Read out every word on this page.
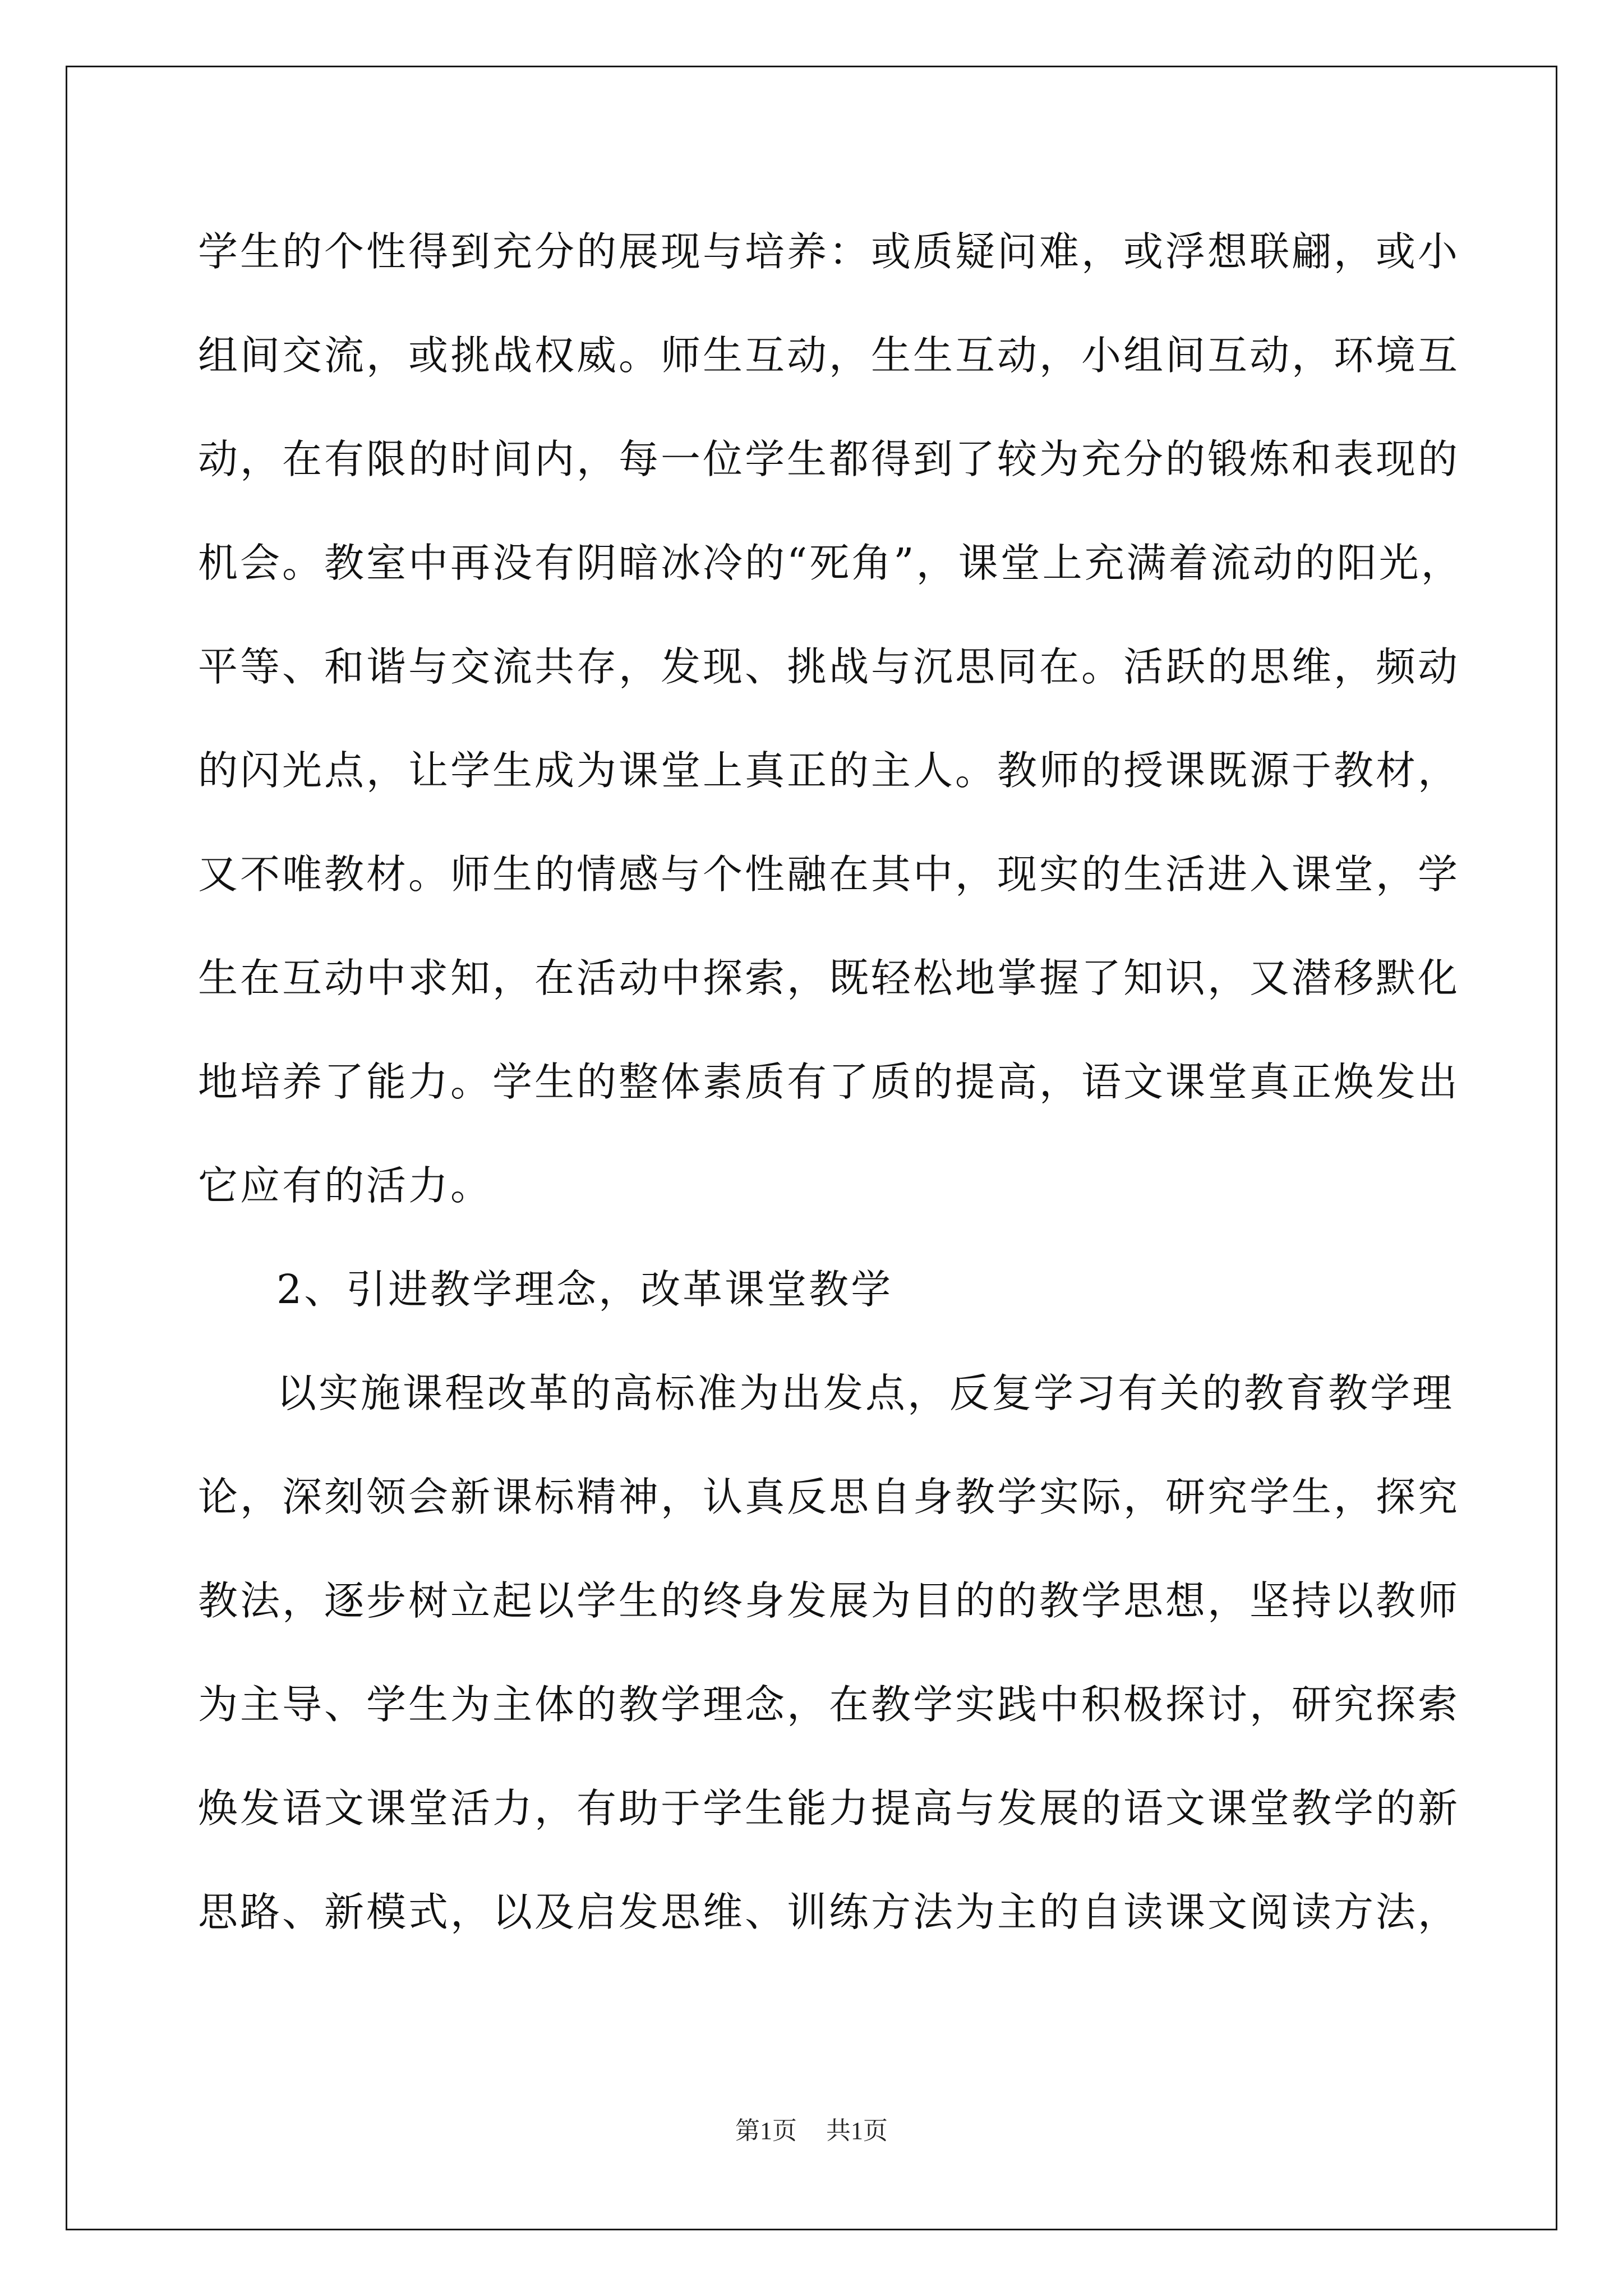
学生的个性得到充分的展现与培养：或质疑问难，或浮想联翩，或小
组间交流，或挑战权威。师生互动，生生互动，小组间互动，环境互
动，在有限的时间内，每一位学生都得到了较为充分的锻炼和表现的
机会。教室中再没有阴暗冰冷的“死角”，课堂上充满着流动的阳光，
平等、和谐与交流共存，发现、挑战与沉思同在。活跃的思维，频动
的闪光点，让学生成为课堂上真正的主人。教师的授课既源于教材，
又不唯教材。师生的情感与个性融在其中，现实的生活进入课堂，学
生在互动中求知，在活动中探索，既轻松地掌握了知识，又潜移默化
地培养了能力。学生的整体素质有了质的提高，语文课堂真正焕发出
它应有的活力。
2、引进教学理念，改革课堂教学
以实施课程改革的高标准为出发点，反复学习有关的教育教学理
论，深刻领会新课标精神，认真反思自身教学实际，研究学生，探究
教法，逐步树立起以学生的终身发展为目的的教学思想，坚持以教师
为主导、学生为主体的教学理念，在教学实践中积极探讨，研究探索
焕发语文课堂活力，有助于学生能力提高与发展的语文课堂教学的新
思路、新模式，以及启发思维、训练方法为主的自读课文阅读方法，
第1页 共1页
